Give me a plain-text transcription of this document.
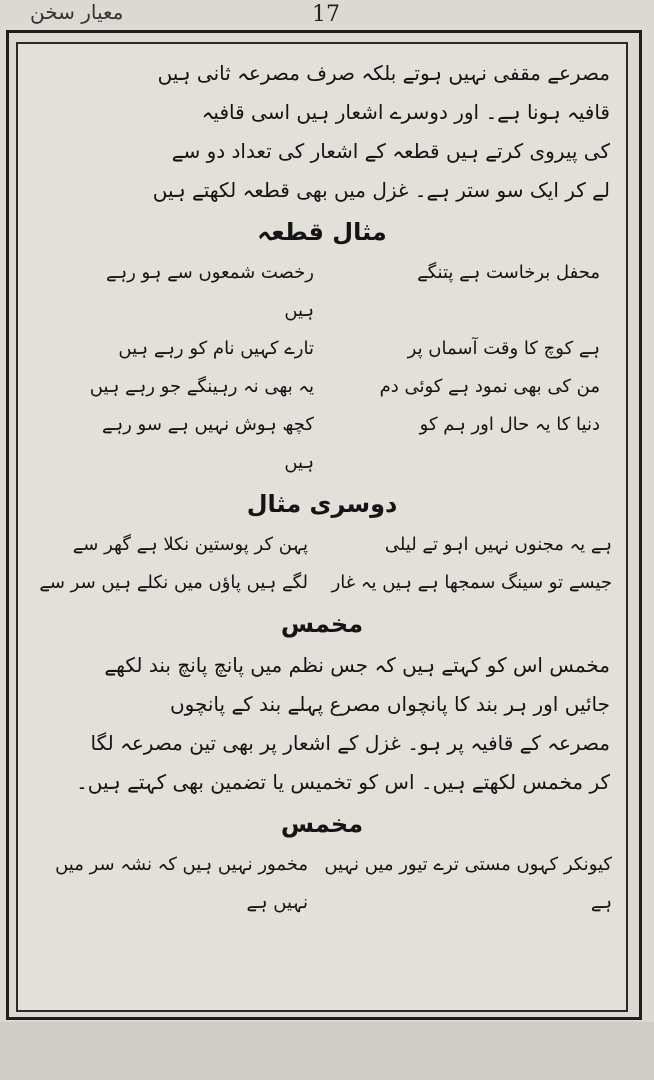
معیار سخن	17
مصرعے مقفی نہیں ہوتے بلکہ صرف مصرعہ ثانی ہیں
قافیہ ہونا ہے۔ اور دوسرے اشعار ہیں اسی قافیہ
کی پیروی کرتے ہیں قطعہ کے اشعار کی تعداد دو سے
لے کر ایک سو ستر ہے۔ غزل میں بھی قطعہ لکھتے ہیں
مثال قطعہ
محفل برخاست ہے پتنگے
رخصت شمعوں سے ہو رہے ہیں
ہے کوچ کا وقت آسماں پر
تارے کہیں نام کو رہے ہیں
من کی بھی نمود ہے کوئی دم
یہ بھی نہ رہینگے جو رہے ہیں
دنیا کا یہ حال اور ہم کو
کچھ ہوش نہیں ہے سو رہے ہیں
دوسری مثال
ہے یہ مجنوں نہیں اہو تے لیلی
پہن کر پوستین نکلا ہے گھر سے
جیسے تو سینگ سمجھا ہے ہیں یہ غار
لگے ہیں پاؤں میں نکلے ہیں سر سے
مخمس
مخمس اس کو کہتے ہیں کہ جس نظم میں پانچ پانچ بند لکھے
جائیں اور ہر بند کا پانچواں مصرع پہلے بند کے پانچوں
مصرعہ کے قافیہ پر ہو۔ غزل کے اشعار پر بھی تین مصرعہ لگا
کر مخمس لکھتے ہیں۔ اس کو تخمیس یا تضمین بھی کہتے ہیں۔
مخمس
کیونکر کہوں مستی ترے تیور میں نہیں ہے
مخمور نہیں ہیں کہ نشہ سر میں نہیں ہے
